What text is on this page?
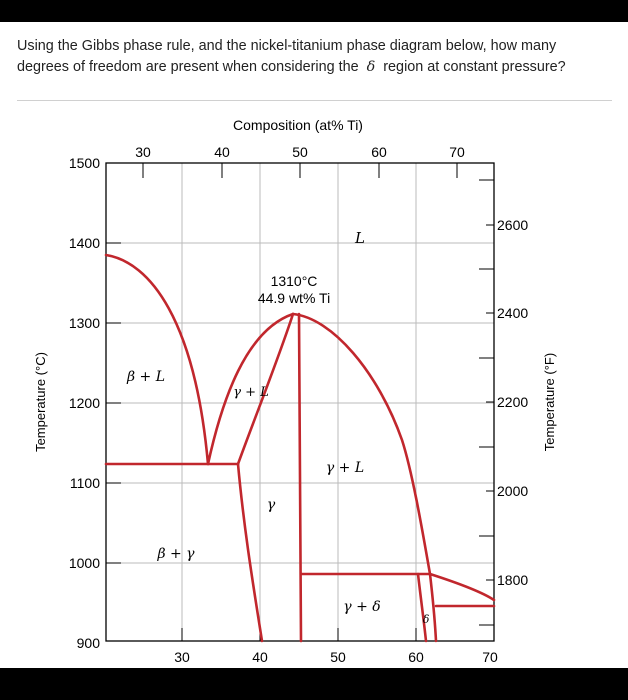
Using the Gibbs phase rule, and the nickel-titanium phase diagram below, how many degrees of freedom are present when considering the δ region at constant pressure?
30	40	50	60	70
Composition (at% Ti)
30	40	50	60	70
1500
1400
1300
1200
1100
1000
900
2600
2400
2200
2000
1800
Temperature (°C)	Temperature (°F)
1310°C
44.9 wt% Ti
L
β + L
γ + L
γ + L
γ
β + γ
γ + δ
δ
